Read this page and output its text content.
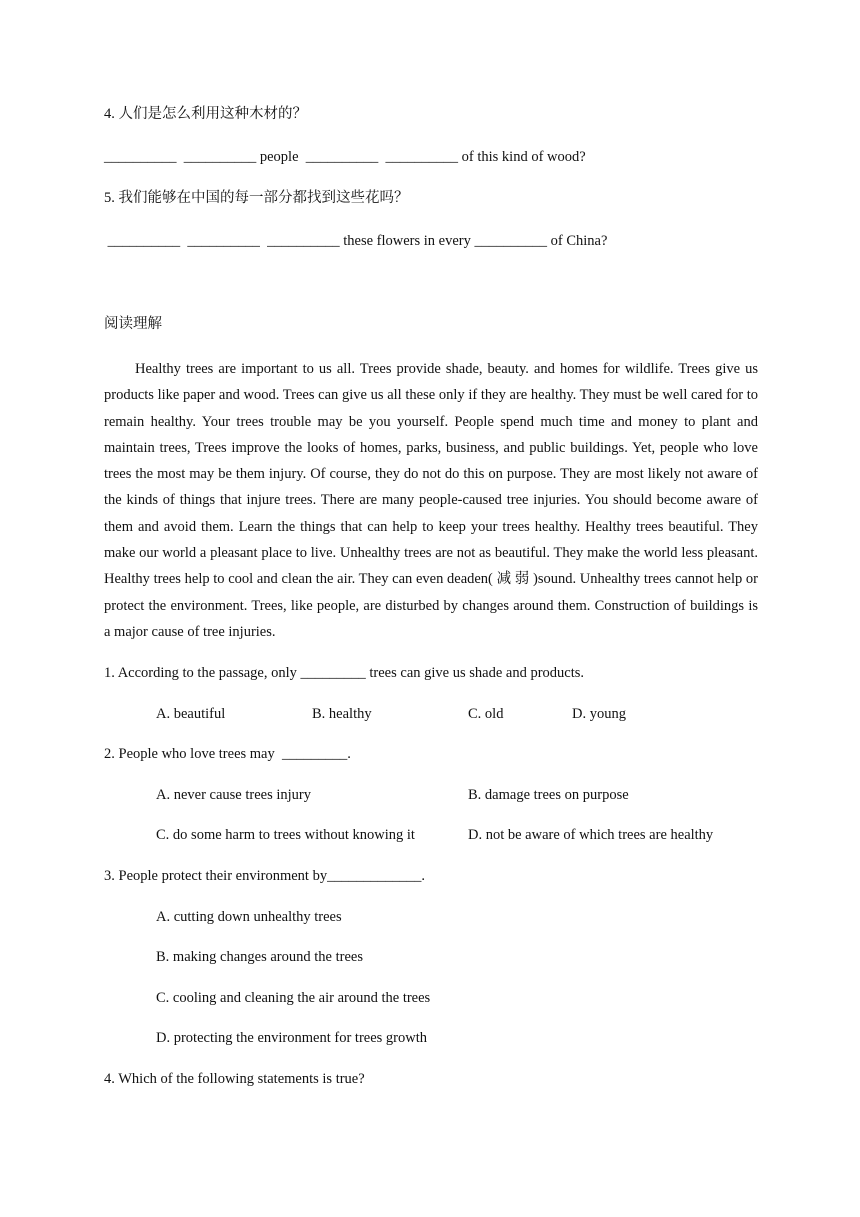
4. 人们是怎么利用这种木材的？
__________  __________ people  __________  __________ of this kind of wood?
5. 我们能够在中国的每一部分都找到这些花吗？
__________  __________  __________ these flowers in every __________ of China?
阅读理解

Healthy trees are important to us all. Trees provide shade, beauty. and homes for wildlife. Trees give us products like paper and wood. Trees can give us all these only if they are healthy. They must be well cared for to remain healthy. Your trees trouble may be you yourself. People spend much time and money to plant and maintain trees, Trees improve the looks of homes, parks, business, and public buildings. Yet, people who love trees the most may be them injury. Of course, they do not do this on purpose. They are most likely not aware of the kinds of things that injure trees. There are many people-caused tree injuries. You should become aware of them and avoid them. Learn the things that can help to keep your trees healthy. Healthy trees beautiful. They make our world a pleasant place to live. Unhealthy trees are not as beautiful. They make the world less pleasant. Healthy trees help to cool and clean the air. They can even deaden( 减 弱 )sound. Unhealthy trees cannot help or protect the environment. Trees, like people, are disturbed by changes around them. Construction of buildings is a major cause of tree injuries.

1. According to the passage, only _________ trees can give us shade and products.
A. beautiful	B. healthy	C. old	D. young
2. People who love trees may  _________.
A. never cause trees injury	B. damage trees on purpose
C. do some harm to trees without knowing it	D. not be aware of which trees are healthy
3. People protect their environment by_____________.
A. cutting down unhealthy trees
B. making changes around the trees
C. cooling and cleaning the air around the trees
D. protecting the environment for trees growth
4. Which of the following statements is true?
